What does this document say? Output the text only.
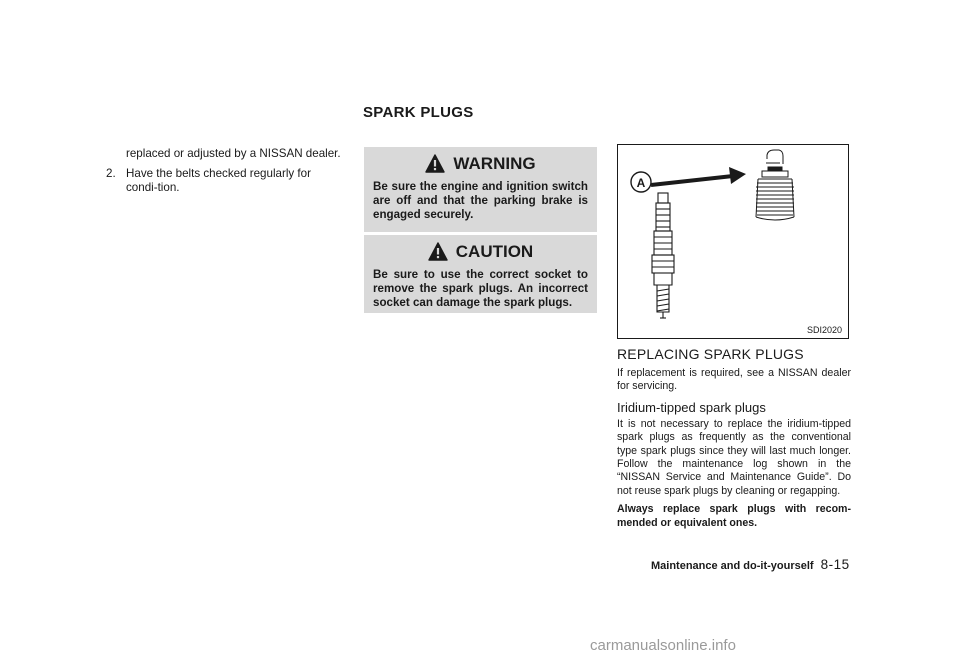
SPARK PLUGS

replaced or adjusted by a NISSAN dealer.

2. Have the belts checked regularly for condi-tion.
WARNING

Be sure the engine and ignition switch are off and that the parking brake is engaged securely.

CAUTION

Be sure to use the correct socket to remove the spark plugs. An incorrect socket can damage the spark plugs.

A
SDI2020
REPLACING SPARK PLUGS

If replacement is required, see a NISSAN dealer for servicing.

Iridium-tipped spark plugs

It is not necessary to replace the iridium-tipped spark plugs as frequently as the conventional type spark plugs since they will last much longer. Follow the maintenance log shown in the “NISSAN Service and Maintenance Guide”. Do not reuse spark plugs by cleaning or regapping.

Always replace spark plugs with recom-mended or equivalent ones.

Maintenance and do-it-yourself 8-15
carmanualsonline.info
